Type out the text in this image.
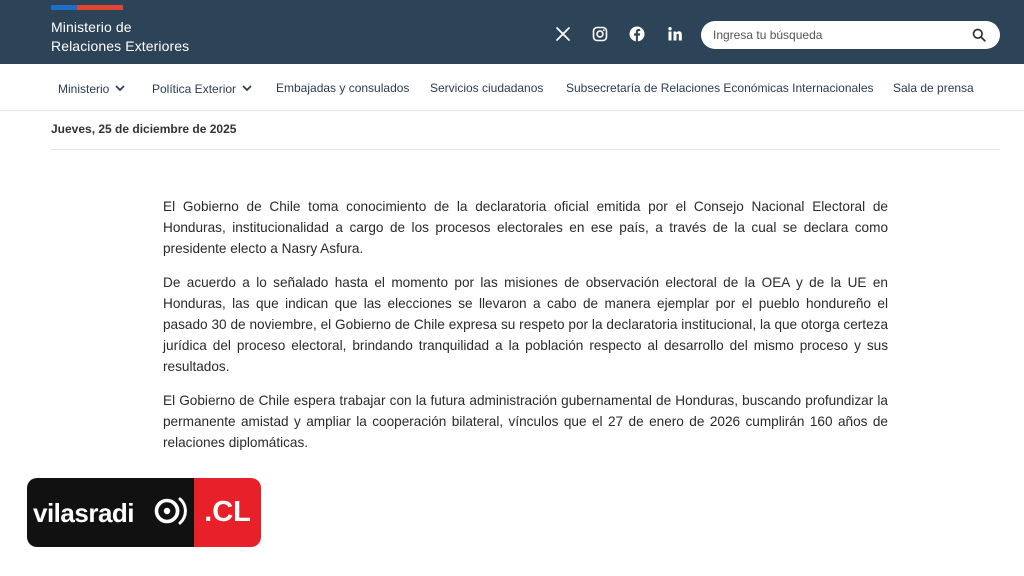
Ministerio de
Relaciones Exteriores
Ingresa tu búsqueda
Ministerio	Política Exterior	Embajadas y consulados Servicios ciudadanos Subsecretaría de Relaciones Económicas Internacionales Sala de prensa
Jueves, 25 de diciembre de 2025

El Gobierno de Chile toma conocimiento de la declaratoria oficial emitida por el Consejo Nacional Electoral de Honduras, institucionalidad a cargo de los procesos electorales en ese país, a través de la cual se declara como presidente electo a Nasry Asfura.

De acuerdo a lo señalado hasta el momento por las misiones de observación electoral de la OEA y de la UE en Honduras, las que indican que las elecciones se llevaron a cabo de manera ejemplar por el pueblo hondureño el pasado 30 de noviembre, el Gobierno de Chile expresa su respeto por la declaratoria institucional, la que otorga certeza jurídica del proceso electoral, brindando tranquilidad a la población respecto al desarrollo del mismo proceso y sus resultados.

El Gobierno de Chile espera trabajar con la futura administración gubernamental de Honduras, buscando profundizar la permanente amistad y ampliar la cooperación bilateral, vínculos que el 27 de enero de 2026 cumplirán 160 años de relaciones diplomáticas.

vilasradi	.CL
